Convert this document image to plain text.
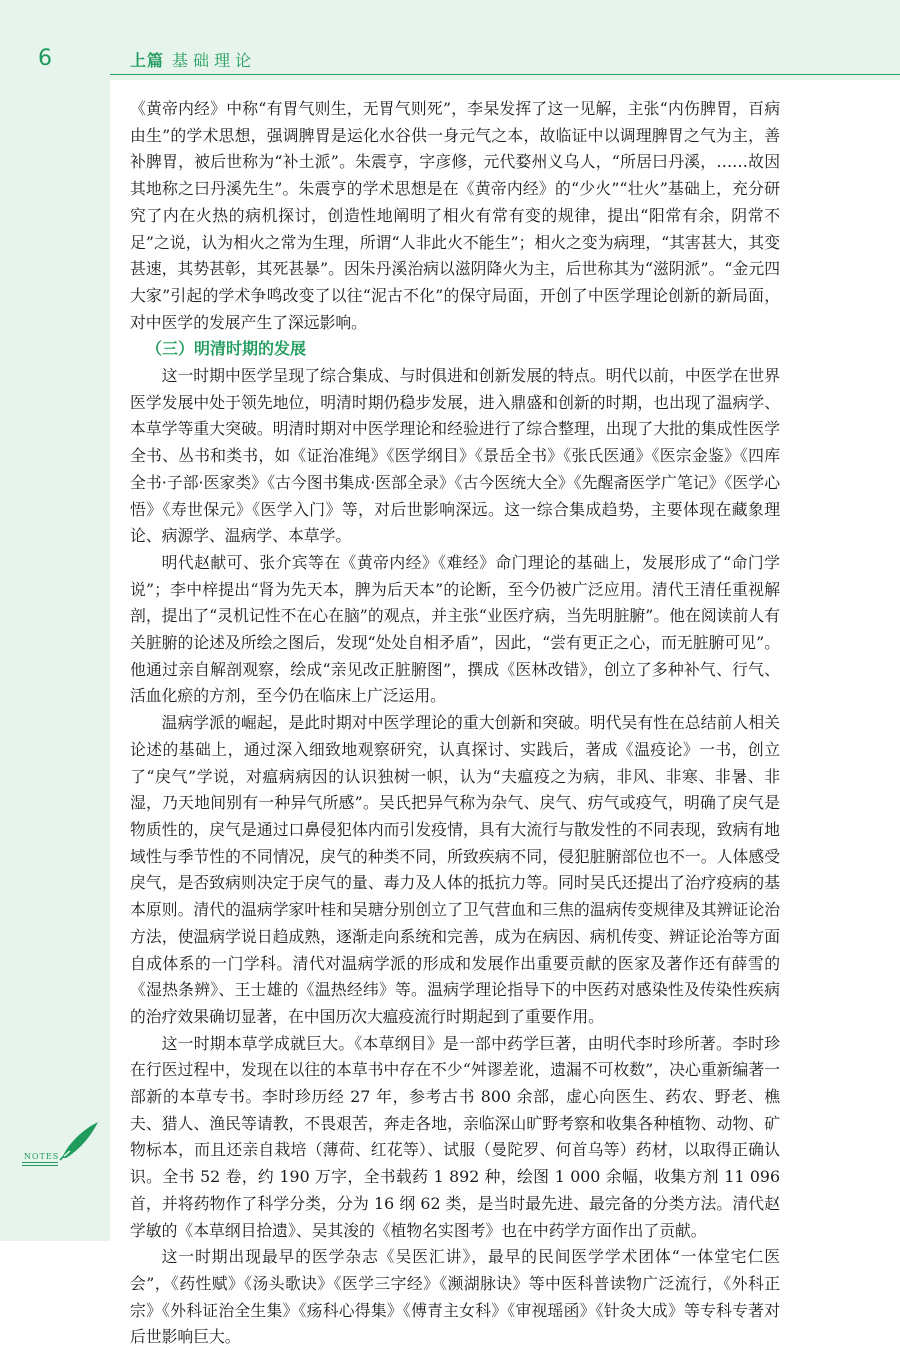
6	上篇 基础理论

《黄帝内经》中称“有胃气则生，无胃气则死”，李杲发挥了这一见解，主张“内伤脾胃，百病由生”的学术思想，强调脾胃是运化水谷供一身元气之本，故临证中以调理脾胃之气为主，善补脾胃，被后世称为“补土派”。朱震亨，字彦修，元代婺州义乌人，“所居曰丹溪，……故因其地称之曰丹溪先生”。朱震亨的学术思想是在《黄帝内经》的“少火”“壮火”基础上，充分研究了内在火热的病机探讨，创造性地阐明了相火有常有变的规律，提出“阳常有余，阴常不足”之说，认为相火之常为生理，所谓“人非此火不能生”；相火之变为病理，“其害甚大，其变甚速，其势甚彰，其死甚暴”。因朱丹溪治病以滋阴降火为主，后世称其为“滋阴派”。“金元四大家”引起的学术争鸣改变了以往“泥古不化”的保守局面，开创了中医学理论创新的新局面，对中医学的发展产生了深远影响。

（三）明清时期的发展

这一时期中医学呈现了综合集成、与时俱进和创新发展的特点。明代以前，中医学在世界医学发展中处于领先地位，明清时期仍稳步发展，进入鼎盛和创新的时期，也出现了温病学、本草学等重大突破。明清时期对中医学理论和经验进行了综合整理，出现了大批的集成性医学全书、丛书和类书，如《证治准绳》《医学纲目》《景岳全书》《张氏医通》《医宗金鉴》《四库全书·子部·医家类》《古今图书集成·医部全录》《古今医统大全》《先醒斋医学广笔记》《医学心悟》《寿世保元》《医学入门》等，对后世影响深远。这一综合集成趋势，主要体现在藏象理论、病源学、温病学、本草学。

明代赵献可、张介宾等在《黄帝内经》《难经》命门理论的基础上，发展形成了“命门学说”；李中梓提出“肾为先天本，脾为后天本”的论断，至今仍被广泛应用。清代王清任重视解剖，提出了“灵机记性不在心在脑”的观点，并主张“业医疗病，当先明脏腑”。他在阅读前人有关脏腑的论述及所绘之图后，发现“处处自相矛盾”，因此，“尝有更正之心，而无脏腑可见”。他通过亲自解剖观察，绘成“亲见改正脏腑图”，撰成《医林改错》，创立了多种补气、行气、活血化瘀的方剂，至今仍在临床上广泛运用。

温病学派的崛起，是此时期对中医学理论的重大创新和突破。明代吴有性在总结前人相关论述的基础上，通过深入细致地观察研究，认真探讨、实践后，著成《温疫论》一书，创立了“戾气”学说，对瘟病病因的认识独树一帜，认为“夫瘟疫之为病，非风、非寒、非暑、非湿，乃天地间别有一种异气所感”。吴氏把异气称为杂气、戾气、疠气或疫气，明确了戾气是物质性的，戾气是通过口鼻侵犯体内而引发疫情，具有大流行与散发性的不同表现，致病有地域性与季节性的不同情况，戾气的种类不同，所致疾病不同，侵犯脏腑部位也不一。人体感受戾气，是否致病则决定于戾气的量、毒力及人体的抵抗力等。同时吴氏还提出了治疗疫病的基本原则。清代的温病学家叶桂和吴瑭分别创立了卫气营血和三焦的温病传变规律及其辨证论治方法，使温病学说日趋成熟，逐渐走向系统和完善，成为在病因、病机传变、辨证论治等方面自成体系的一门学科。清代对温病学派的形成和发展作出重要贡献的医家及著作还有薛雪的《湿热条辨》、王士雄的《温热经纬》等。温病学理论指导下的中医药对感染性及传染性疾病的治疗效果确切显著，在中国历次大瘟疫流行时期起到了重要作用。

这一时期本草学成就巨大。《本草纲目》是一部中药学巨著，由明代李时珍所著。李时珍在行医过程中，发现在以往的本草书中存在不少“舛谬差讹，遗漏不可枚数”，决心重新编著一部新的本草专书。李时珍历经 27 年，参考古书 800 余部，虚心向医生、药农、野老、樵夫、猎人、渔民等请教，不畏艰苦，奔走各地，亲临深山旷野考察和收集各种植物、动物、矿物标本，而且还亲自栽培（薄荷、红花等）、试服（曼陀罗、何首乌等）药材，以取得正确认识。全书 52 卷，约 190 万字，全书载药 1 892 种，绘图 1 000 余幅，收集方剂 11 096 首，并将药物作了科学分类，分为 16 纲 62 类，是当时最先进、最完备的分类方法。清代赵学敏的《本草纲目拾遗》、吴其浚的《植物名实图考》也在中药学方面作出了贡献。

这一时期出现最早的医学杂志《吴医汇讲》，最早的民间医学学术团体“一体堂宅仁医会”，《药性赋》《汤头歌诀》《医学三字经》《濒湖脉诀》等中医科普读物广泛流行，《外科正宗》《外科证治全生集》《疡科心得集》《傅青主女科》《审视瑶函》《针灸大成》等专科专著对后世影响巨大。

NOTES
